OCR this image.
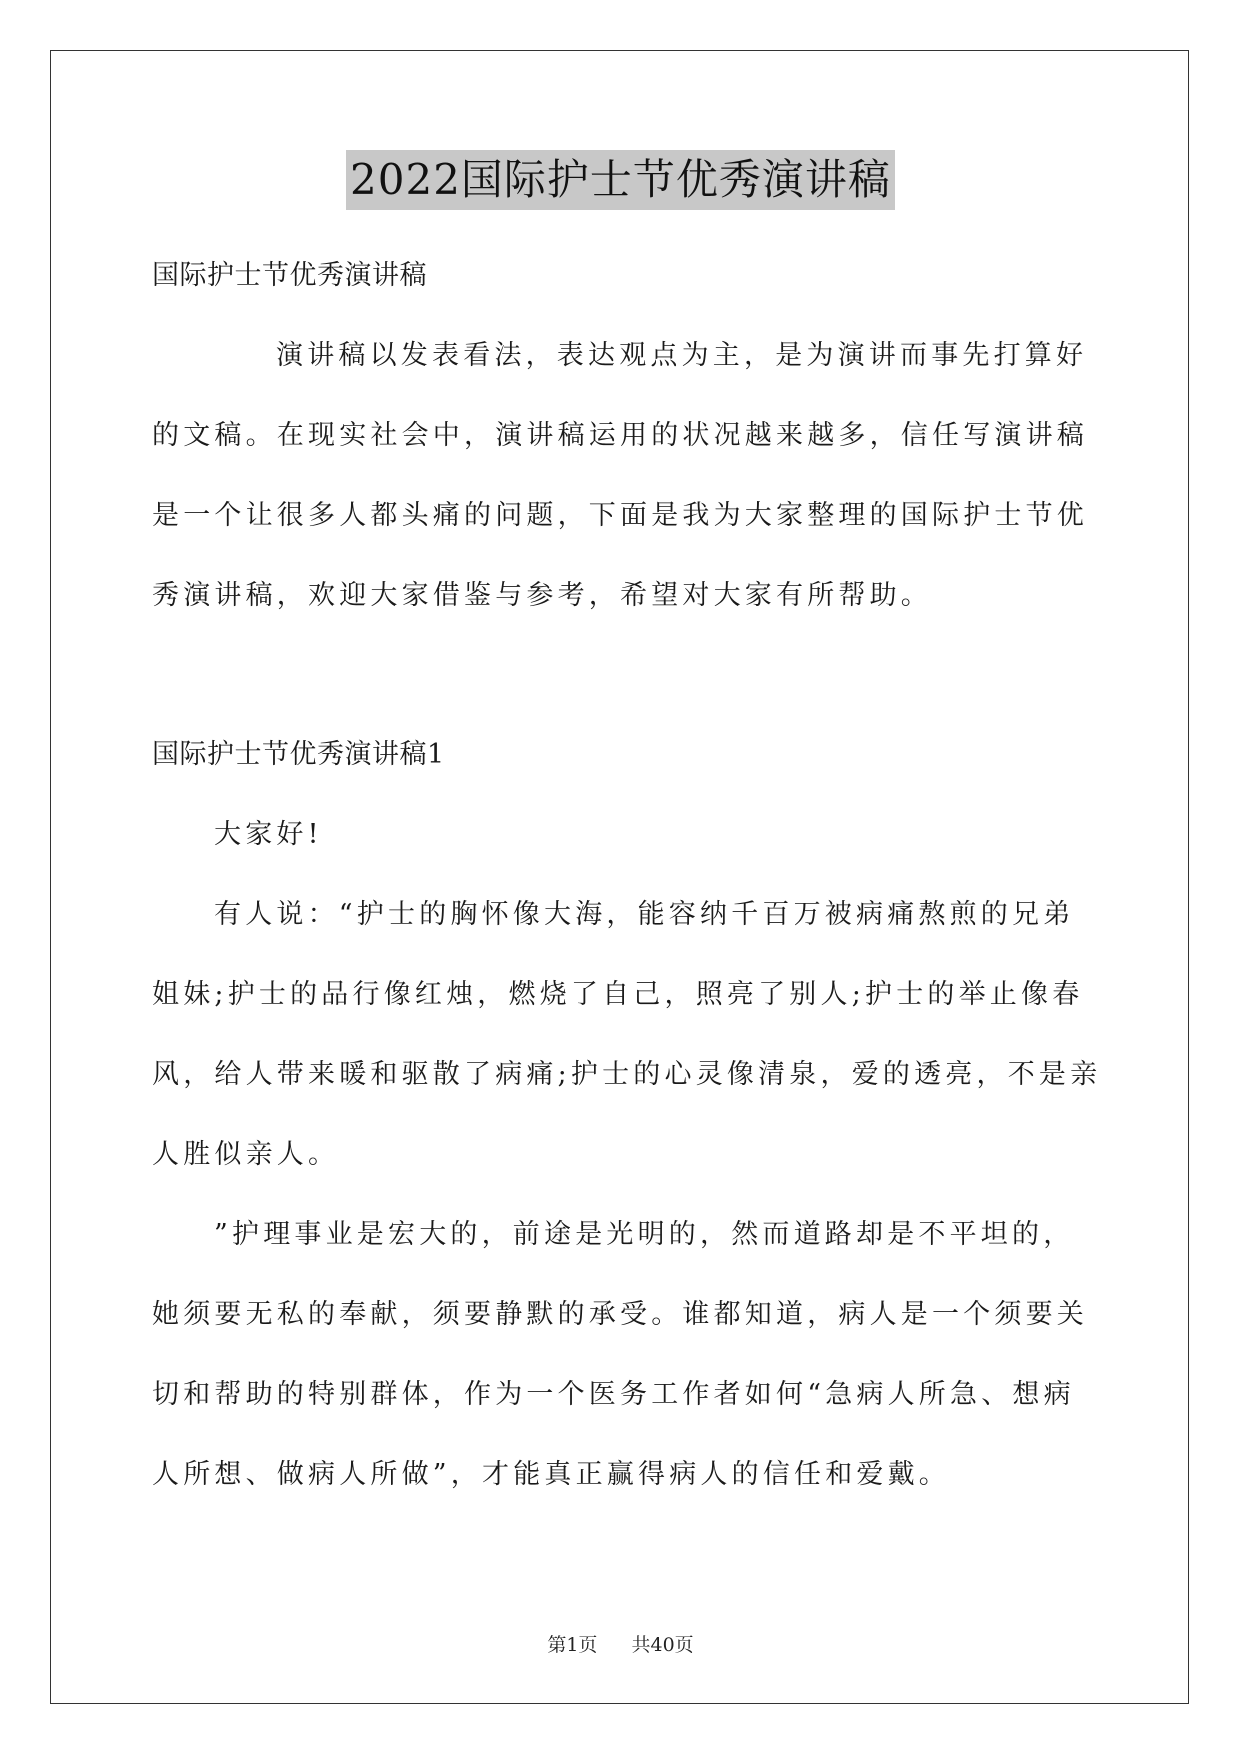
2022国际护士节优秀演讲稿
国际护士节优秀演讲稿
演讲稿以发表看法，表达观点为主，是为演讲而事先打算好
的文稿。在现实社会中，演讲稿运用的状况越来越多，信任写演讲稿
是一个让很多人都头痛的问题，下面是我为大家整理的国际护士节优
秀演讲稿，欢迎大家借鉴与参考，希望对大家有所帮助。
国际护士节优秀演讲稿1
大家好!
有人说：“护士的胸怀像大海，能容纳千百万被病痛熬煎的兄弟
姐妹;护士的品行像红烛，燃烧了自己，照亮了别人;护士的举止像春
风，给人带来暖和驱散了病痛;护士的心灵像清泉，爱的透亮，不是亲
人胜似亲人。
”护理事业是宏大的，前途是光明的，然而道路却是不平坦的，
她须要无私的奉献，须要静默的承受。谁都知道，病人是一个须要关
切和帮助的特别群体，作为一个医务工作者如何“急病人所急、想病
人所想、做病人所做”，才能真正赢得病人的信任和爱戴。
第1页 共40页
